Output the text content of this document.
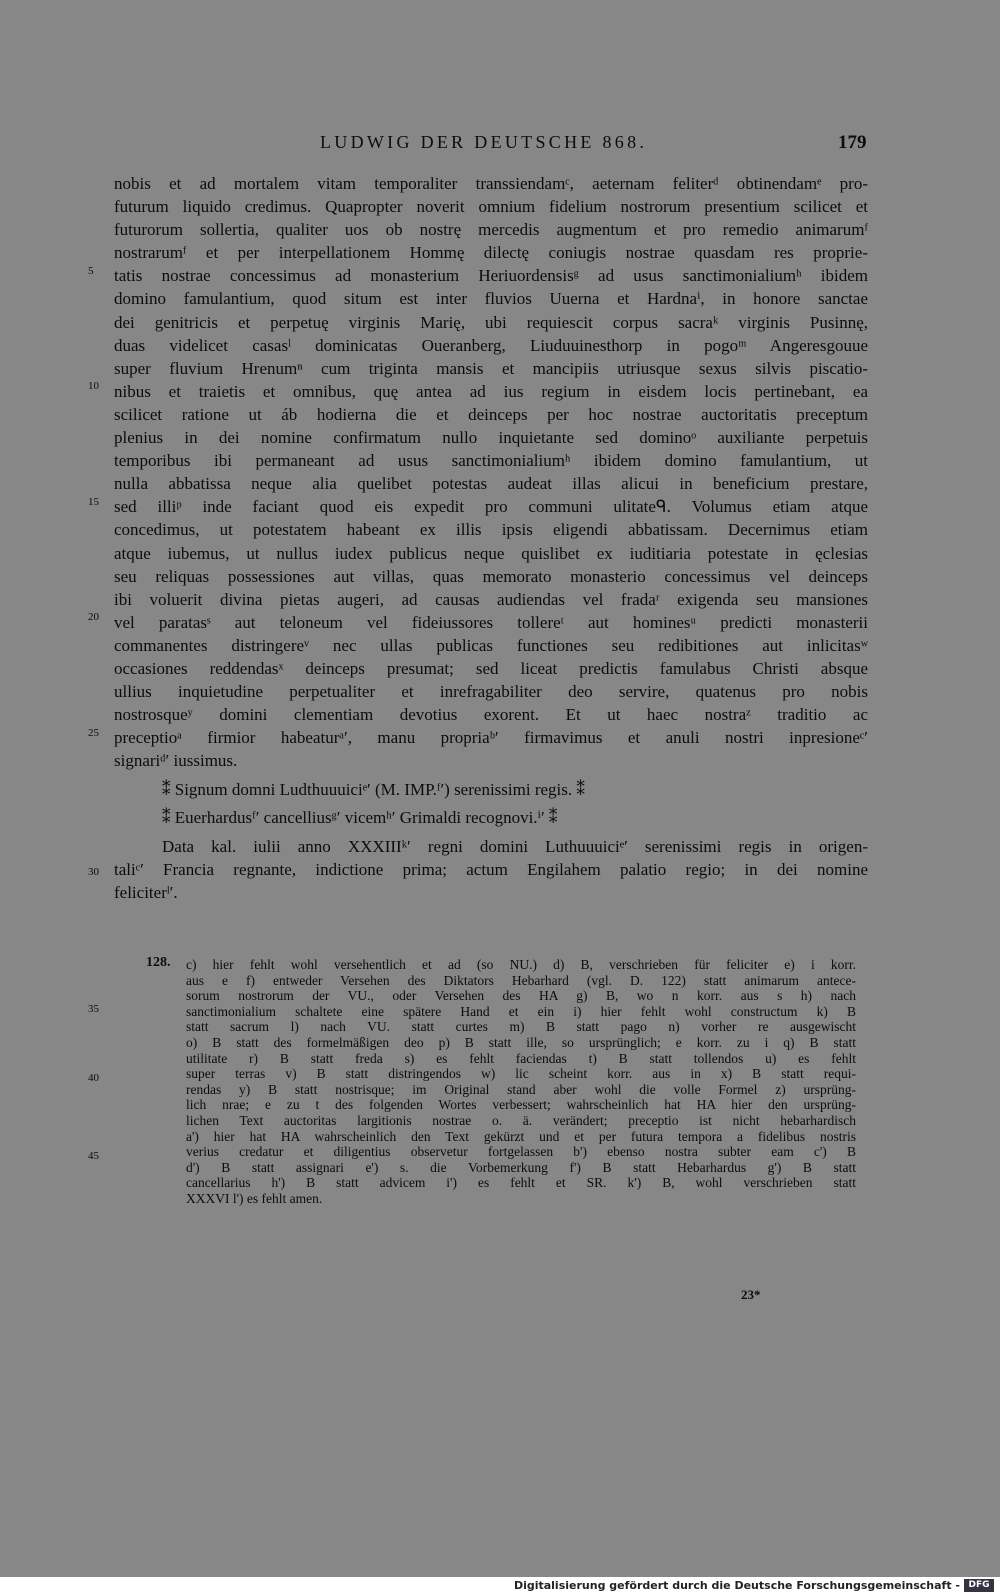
LUDWIG DER DEUTSCHE 868.	179
5
10
15
20
25
30
nobis et ad mortalem vitam temporaliter transsiendamᶜ, aeternam feliterᵈ obtinendamᵉ pro-
futurum liquido credimus. Quapropter noverit omnium fidelium nostrorum presentium scilicet et
futurorum sollertia, qualiter uos ob nostrę mercedis augmentum et pro remedio animarumᶠ
nostrarumᶠ et per interpellationem Hommę dilectę coniugis nostrae quasdam res proprie-
tatis nostrae concessimus ad monasterium Heriuordensisᵍ ad usus sanctimonialiumʰ ibidem
domino famulantium, quod situm est inter fluvios Uuerna et Hardnaⁱ, in honore sanctae
dei genitricis et perpetuę virginis Marię, ubi requiescit corpus sacraᵏ virginis Pusinnę,
duas videlicet casasˡ dominicatas Oueranberg, Liuduuinesthorp in pogoᵐ Angeresgouue
super fluvium Hrenumⁿ cum triginta mansis et mancipiis utriusque sexus silvis piscatio-
nibus et traietis et omnibus, quę antea ad ius regium in eisdem locis pertinebant, ea
scilicet ratione ut áb hodierna die et deinceps per hoc nostrae auctoritatis preceptum
plenius in dei nomine confirmatum nullo inquietante sed dominoᵒ auxiliante perpetuis
temporibus ibi permaneant ad usus sanctimonialiumʰ ibidem domino famulantium, ut
nulla abbatissa neque alia quelibet potestas audeat illas alicui in beneficium prestare,
sed illiᵖ inde faciant quod eis expedit pro communi ulitateᑫ. Volumus etiam atque
concedimus, ut potestatem habeant ex illis ipsis eligendi abbatissam. Decernimus etiam
atque iubemus, ut nullus iudex publicus neque quislibet ex iuditiaria potestate in ęclesias
seu reliquas possessiones aut villas, quas memorato monasterio concessimus vel deinceps
ibi voluerit divina pietas augeri, ad causas audiendas vel fradaʳ exigenda seu mansiones
vel paratasˢ aut teloneum vel fideiussores tollereᵗ aut hominesᵘ predicti monasterii
commanentes distringereᵛ nec ullas publicas functiones seu redibitiones aut inlicitasʷ
occasiones reddendasˣ deinceps presumat; sed liceat predictis famulabus Christi absque
ullius inquietudine perpetualiter et inrefragabiliter deo servire, quatenus pro nobis
nostrosqueʸ domini clementiam devotius exorent. Et ut haec nostraᶻ traditio ac
preceptioᵃ firmior habeaturᵃʹ, manu propriaᵇʹ firmavimus et anuli nostri inpresioneᶜʹ
signariᵈʹ iussimus.
⁑ Signum domni Ludthuuuiciᵉʹ (M. IMP.ᶠʹ) serenissimi regis. ⁑
⁑ Euerhardusᶠʹ cancelliusᵍʹ vicemʰʹ Grimaldi recognovi.ⁱʹ ⁑
Data kal. iulii anno XXXIIIᵏʹ regni domini Luthuuuiciᵉʹ serenissimi regis in origen-
taliᶜʹ Francia regnante, indictione prima; actum Engilahem palatio regio; in dei nomine
feliciterˡʹ.
128.
35
40
45
c) hier fehlt wohl versehentlich et ad (so NU.) d) B, verschrieben für feliciter e) i korr.
aus e f) entweder Versehen des Diktators Hebarhard (vgl. D. 122) statt animarum antece-
sorum nostrorum der VU., oder Versehen des HA g) B, wo n korr. aus s h) nach
sanctimonialium schaltete eine spätere Hand et ein i) hier fehlt wohl constructum k) B
statt sacrum l) nach VU. statt curtes m) B statt pago n) vorher re ausgewischt
o) B statt des formelmäßigen deo p) B statt ille, so ursprünglich; e korr. zu i q) B statt
utilitate r) B statt freda s) es fehlt faciendas t) B statt tollendos u) es fehlt
super terras v) B statt distringendos w) lic scheint korr. aus in x) B statt requi-
rendas y) B statt nostrisque; im Original stand aber wohl die volle Formel z) ursprüng-
lich nrae; e zu t des folgenden Wortes verbessert; wahrscheinlich hat HA hier den ursprüng-
lichen Text auctoritas largitionis nostrae o. ä. verändert; preceptio ist nicht hebarhardisch
a') hier hat HA wahrscheinlich den Text gekürzt und et per futura tempora a fidelibus nostris
verius credatur et diligentius observetur fortgelassen b') ebenso nostra subter eam c') B
d') B statt assignari e') s. die Vorbemerkung f') B statt Hebarhardus g') B statt
cancellarius h') B statt advicem i') es fehlt et SR. k') B, wohl verschrieben statt
XXXVI l') es fehlt amen.
23*
Digitalisierung gefördert durch die Deutsche Forschungsgemeinschaft - DFG
